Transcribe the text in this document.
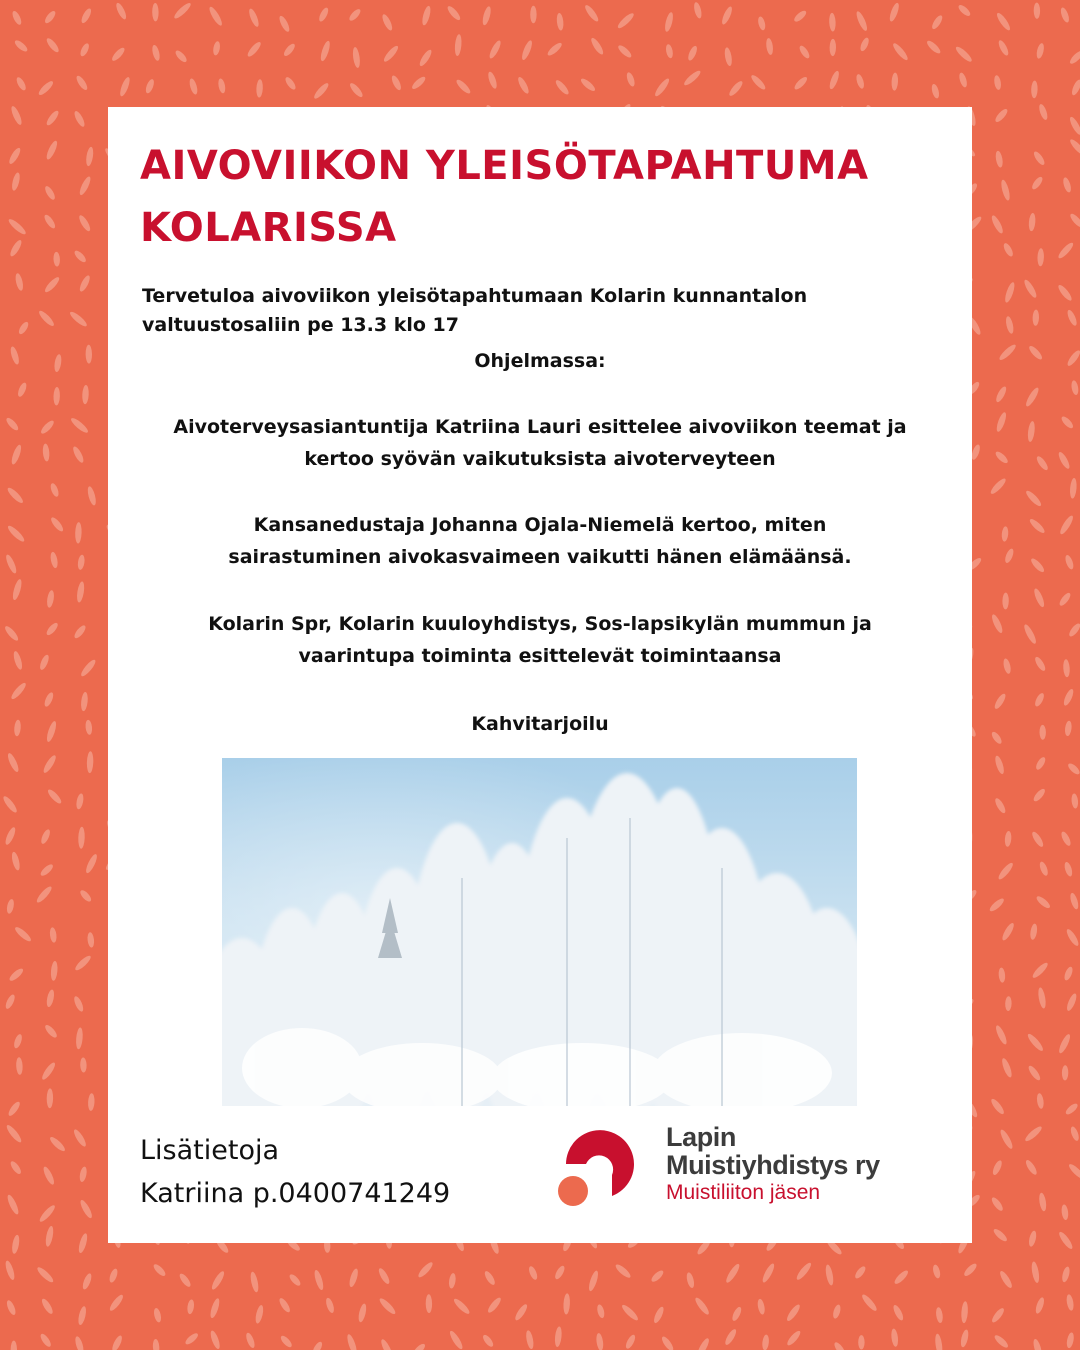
AIVOVIIKON YLEISÖTAPAHTUMA
KOLARISSA

Tervetuloa aivoviikon yleisötapahtumaan Kolarin kunnantalon
valtuustosaliin pe 13.3 klo 17

Ohjelmassa:

Aivoterveysasiantuntija Katriina Lauri esittelee aivoviikon teemat ja
kertoo syövän vaikutuksista aivoterveyteen

Kansanedustaja Johanna Ojala-Niemelä kertoo, miten
sairastuminen aivokasvaimeen vaikutti hänen elämäänsä.

Kolarin Spr, Kolarin kuuloyhdistys, Sos-lapsikylän mummun ja
vaarintupa toiminta esittelevät toimintaansa

Kahvitarjoilu

Lisätietoja
Katriina p.0400741249

Lapin
Muistiyhdistys ry
Muistiliiton jäsen
